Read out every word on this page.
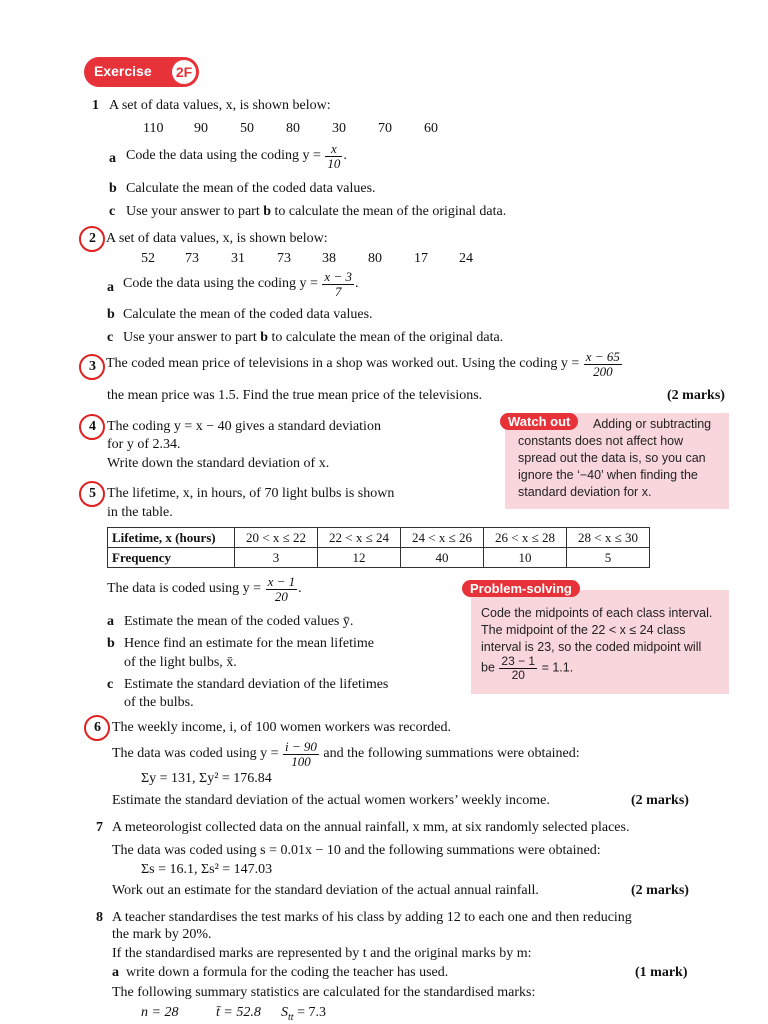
Exercise 2F
1 A set of data values, x, is shown below:
110 90 50 80 30 70 60
a Code the data using the coding $y = \frac{x}{10}$ .
b Calculate the mean of the coded data values.
c Use your answer to part b to calculate the mean of the original data.
2 A set of data values, x, is shown below:
52 73 31 73 38 80 17 24
a Code the data using the coding $y = \frac{x - 3}{7}$ .
b Calculate the mean of the coded data values.
c Use your answer to part b to calculate the mean of the original data.
3 The coded mean price of televisions in a shop was worked out. Using the coding $y = \frac{x - 65}{200}$
the mean price was 1.5. Find the true mean price of the televisions.	(2 marks)
4 The coding y = x − 40 gives a standard deviation
for y of 2.34.
Write down the standard deviation of x.
Watch out	Adding or subtracting
constants does not affect how
spread out the data is, so you can
ignore the ‘−40’ when finding the
standard deviation for x.
5 The lifetime, x, in hours, of 70 light bulbs is shown
in the table.
Lifetime, x (hours)	20 < x ≤ 22	22 < x ≤ 24	24 < x ≤ 26	26 < x ≤ 28	28 < x ≤ 30
Frequency	3	12	40	10	5
The data is coded using $y = \frac{x - 1}{20}$ .
a Estimate the mean of the coded values ȳ.
b Hence find an estimate for the mean lifetime
of the light bulbs, x̄.
c Estimate the standard deviation of the lifetimes
of the bulbs.
Problem-solving
Code the midpoints of each class interval.
The midpoint of the 22 < x ≤ 24 class
interval is 23, so the coded midpoint will
be $\frac{23 - 1}{20} = 1.1$.
6 The weekly income, i, of 100 women workers was recorded.
The data was coded using $y = \frac{i - 90}{100}$ and the following summations were obtained:
Σy = 131, Σy² = 176.84
Estimate the standard deviation of the actual women workers’ weekly income.	(2 marks)
7 A meteorologist collected data on the annual rainfall, x mm, at six randomly selected places.
The data was coded using s = 0.01x − 10 and the following summations were obtained:
Σs = 16.1, Σs² = 147.03
Work out an estimate for the standard deviation of the actual annual rainfall.	(2 marks)
8 A teacher standardises the test marks of his class by adding 12 to each one and then reducing
the mark by 20%.
If the standardised marks are represented by t and the original marks by m:
a write down a formula for the coding the teacher has used.	(1 mark)
The following summary statistics are calculated for the standardised marks:
n = 28	t̄ = 52.8 $S_{tt} = 7.3$
